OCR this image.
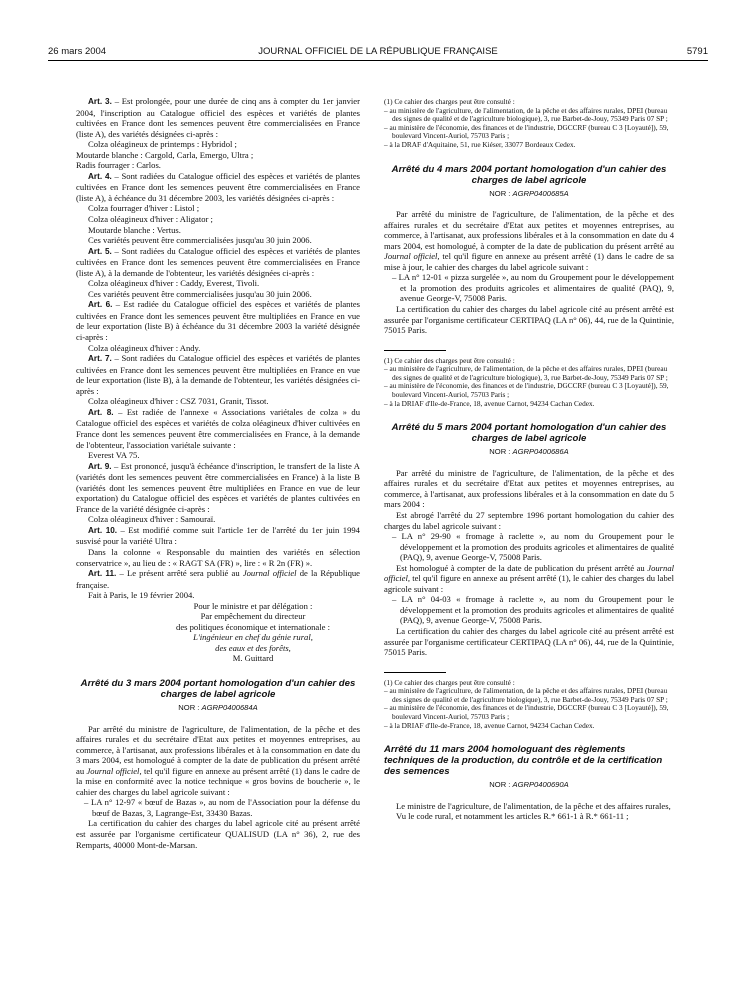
26 mars 2004	JOURNAL OFFICIEL DE LA RÉPUBLIQUE FRANÇAISE	5791

Art. 3. – Est prolongée, pour une durée de cinq ans à compter du 1er janvier 2004, l'inscription au Catalogue officiel des espèces et variétés de plantes cultivées en France dont les semences peuvent être commercialisées en France (liste A), des variétés désignées ci-après :

Colza oléagineux de printemps : Hybridol ;

Moutarde blanche : Cargold, Carla, Emergo, Ultra ;

Radis fourrager : Carlos.

Art. 4. – Sont radiées du Catalogue officiel des espèces et variétés de plantes cultivées en France dont les semences peuvent être commercialisées en France (liste A), à échéance du 31 décembre 2003, les variétés désignées ci-après :

Colza fourrager d'hiver : Listol ;

Colza oléagineux d'hiver : Aligator ;

Moutarde blanche : Vertus.

Ces variétés peuvent être commercialisées jusqu'au 30 juin 2006.

Art. 5. – Sont radiées du Catalogue officiel des espèces et variétés de plantes cultivées en France dont les semences peuvent être commercialisées en France (liste A), à la demande de l'obtenteur, les variétés désignées ci-après :

Colza oléagineux d'hiver : Caddy, Everest, Tivoli.

Ces variétés peuvent être commercialisées jusqu'au 30 juin 2006.

Art. 6. – Est radiée du Catalogue officiel des espèces et variétés de plantes cultivées en France dont les semences peuvent être multipliées en France en vue de leur exportation (liste B) à échéance du 31 décembre 2003 la variété désignée ci-après :

Colza oléagineux d'hiver : Andy.

Art. 7. – Sont radiées du Catalogue officiel des espèces et variétés de plantes cultivées en France dont les semences peuvent être multipliées en France en vue de leur exportation (liste B), à la demande de l'obtenteur, les variétés désignées ci-après :

Colza oléagineux d'hiver : CSZ 7031, Granit, Tissot.

Art. 8. – Est radiée de l'annexe « Associations variétales de colza » du Catalogue officiel des espèces et variétés de colza oléagineux d'hiver cultivées en France dont les semences peuvent être commercialisées en France, à la demande de l'obtenteur, l'association variétale suivante :

Everest VA 75.

Art. 9. – Est prononcé, jusqu'à échéance d'inscription, le transfert de la liste A (variétés dont les semences peuvent être commercialisées en France) à la liste B (variétés dont les semences peuvent être multipliées en France en vue de leur exportation) du Catalogue officiel des espèces et variétés de plantes cultivées en France de la variété désignée ci-après :

Colza oléagineux d'hiver : Samouraï.

Art. 10. – Est modifié comme suit l'article 1er de l'arrêté du 1er juin 1994 susvisé pour la variété Ultra :

Dans la colonne « Responsable du maintien des variétés en sélection conservatrice », au lieu de : « RAGT SA (FR) », lire : « R 2n (FR) ».

Art. 11. – Le présent arrêté sera publié au Journal officiel de la République française.

Fait à Paris, le 19 février 2004.

Pour le ministre et par délégation :
Par empêchement du directeur
des politiques économique et internationale :
L'ingénieur en chef du génie rural,
des eaux et des forêts,
M. Guittard
Arrêté du 3 mars 2004 portant homologation d'un cahier des charges de label agricole
NOR : AGRP0400684A

Par arrêté du ministre de l'agriculture, de l'alimentation, de la pêche et des affaires rurales et du secrétaire d'Etat aux petites et moyennes entreprises, au commerce, à l'artisanat, aux professions libérales et à la consommation en date du 3 mars 2004, est homologué à compter de la date de publication du présent arrêté au Journal officiel, tel qu'il figure en annexe au présent arrêté (1) dans le cadre de la mise en conformité avec la notice technique « gros bovins de boucherie », le cahier des charges du label agricole suivant :

– LA n° 12-97 « bœuf de Bazas », au nom de l'Association pour la défense du bœuf de Bazas, 3, Lagrange-Est, 33430 Bazas.

La certification du cahier des charges du label agricole cité au présent arrêté est assurée par l'organisme certificateur QUALISUD (LA n° 36), 2, rue des Remparts, 40000 Mont-de-Marsan.

(1) Ce cahier des charges peut être consulté :

– au ministère de l'agriculture, de l'alimentation, de la pêche et des affaires rurales, DPEI (bureau des signes de qualité et de l'agriculture biologique), 3, rue Barbet-de-Jouy, 75349 Paris 07 SP ;

– au ministère de l'économie, des finances et de l'industrie, DGCCRF (bureau C 3 [Loyauté]), 59, boulevard Vincent-Auriol, 75703 Paris ;

– à la DRAF d'Aquitaine, 51, rue Kiéser, 33077 Bordeaux Cedex.

Arrêté du 4 mars 2004 portant homologation d'un cahier des charges de label agricole
NOR : AGRP0400685A

Par arrêté du ministre de l'agriculture, de l'alimentation, de la pêche et des affaires rurales et du secrétaire d'Etat aux petites et moyennes entreprises, au commerce, à l'artisanat, aux professions libérales et à la consommation en date du 4 mars 2004, est homologué, à compter de la date de publication du présent arrêté au Journal officiel, tel qu'il figure en annexe au présent arrêté (1) dans le cadre de sa mise à jour, le cahier des charges du label agricole suivant :

– LA n° 12-01 « pizza surgelée », au nom du Groupement pour le développement et la promotion des produits agricoles et alimentaires de qualité (PAQ), 9, avenue George-V, 75008 Paris.

La certification du cahier des charges du label agricole cité au présent arrêté est assurée par l'organisme certificateur CERTIPAQ (LA n° 06), 44, rue de la Quintinie, 75015 Paris.

(1) Ce cahier des charges peut être consulté :

– au ministère de l'agriculture, de l'alimentation, de la pêche et des affaires rurales, DPEI (bureau des signes de qualité et de l'agriculture biologique), 3, rue Barbet-de-Jouy, 75349 Paris 07 SP ;

– au ministère de l'économie, des finances et de l'industrie, DGCCRF (bureau C 3 [Loyauté]), 59, boulevard Vincent-Auriol, 75703 Paris ;

– à la DRIAF d'Ile-de-France, 18, avenue Carnot, 94234 Cachan Cedex.

Arrêté du 5 mars 2004 portant homologation d'un cahier des charges de label agricole
NOR : AGRP0400686A

Par arrêté du ministre de l'agriculture, de l'alimentation, de la pêche et des affaires rurales et du secrétaire d'Etat aux petites et moyennes entreprises, au commerce, à l'artisanat, aux professions libérales et à la consommation en date du 5 mars 2004 :

Est abrogé l'arrêté du 27 septembre 1996 portant homologation du cahier des charges du label agricole suivant :

– LA n° 29-90 « fromage à raclette », au nom du Groupement pour le développement et la promotion des produits agricoles et alimentaires de qualité (PAQ), 9, avenue George-V, 75008 Paris.

Est homologué à compter de la date de publication du présent arrêté au Journal officiel, tel qu'il figure en annexe au présent arrêté (1), le cahier des charges du label agricole suivant :

– LA n° 04-03 « fromage à raclette », au nom du Groupement pour le développement et la promotion des produits agricoles et alimentaires de qualité (PAQ), 9, avenue George-V, 75008 Paris.

La certification du cahier des charges du label agricole cité au présent arrêté est assurée par l'organisme certificateur CERTIPAQ (LA n° 06), 44, rue de la Quintinie, 75015 Paris.

(1) Ce cahier des charges peut être consulté :

– au ministère de l'agriculture, de l'alimentation, de la pêche et des affaires rurales, DPEI (bureau des signes de qualité et de l'agriculture biologique), 3, rue Barbet-de-Jouy, 75349 Paris 07 SP ;

– au ministère de l'économie, des finances et de l'industrie, DGCCRF (bureau C 3 [Loyauté]), 59, boulevard Vincent-Auriol, 75703 Paris ;

– à la DRIAF d'Ile-de-France, 18, avenue Carnot, 94234 Cachan Cedex.

Arrêté du 11 mars 2004 homologuant des règlements techniques de la production, du contrôle et de la certification des semences
NOR : AGRP0400690A

Le ministre de l'agriculture, de l'alimentation, de la pêche et des affaires rurales,

Vu le code rural, et notamment les articles R.* 661-1 à R.* 661-11 ;
